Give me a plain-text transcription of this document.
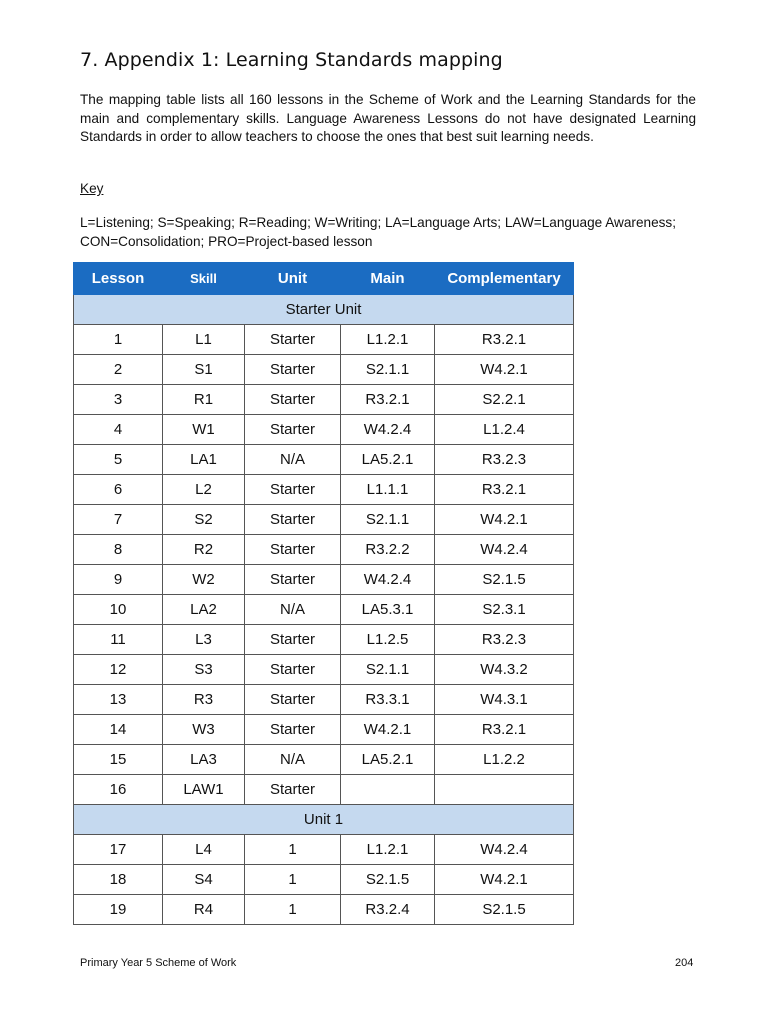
7. Appendix 1: Learning Standards mapping
The mapping table lists all 160 lessons in the Scheme of Work and the Learning Standards for the main and complementary skills. Language Awareness Lessons do not have designated Learning Standards in order to allow teachers to choose the ones that best suit learning needs.
Key
L=Listening; S=Speaking; R=Reading; W=Writing; LA=Language Arts; LAW=Language Awareness; CON=Consolidation; PRO=Project-based lesson
Lesson	Skill	Unit	Main	Complementary
Starter Unit				
1	L1	Starter	L1.2.1	R3.2.1
2	S1	Starter	S2.1.1	W4.2.1
3	R1	Starter	R3.2.1	S2.2.1
4	W1	Starter	W4.2.4	L1.2.4
5	LA1	N/A	LA5.2.1	R3.2.3
6	L2	Starter	L1.1.1	R3.2.1
7	S2	Starter	S2.1.1	W4.2.1
8	R2	Starter	R3.2.2	W4.2.4
9	W2	Starter	W4.2.4	S2.1.5
10	LA2	N/A	LA5.3.1	S2.3.1
11	L3	Starter	L1.2.5	R3.2.3
12	S3	Starter	S2.1.1	W4.3.2
13	R3	Starter	R3.3.1	W4.3.1
14	W3	Starter	W4.2.1	R3.2.1
15	LA3	N/A	LA5.2.1	L1.2.2
16	LAW1	Starter		
Unit 1				
17	L4	1	L1.2.1	W4.2.4
18	S4	1	S2.1.5	W4.2.1
19	R4	1	R3.2.4	S2.1.5
Primary Year 5 Scheme of Work	204
